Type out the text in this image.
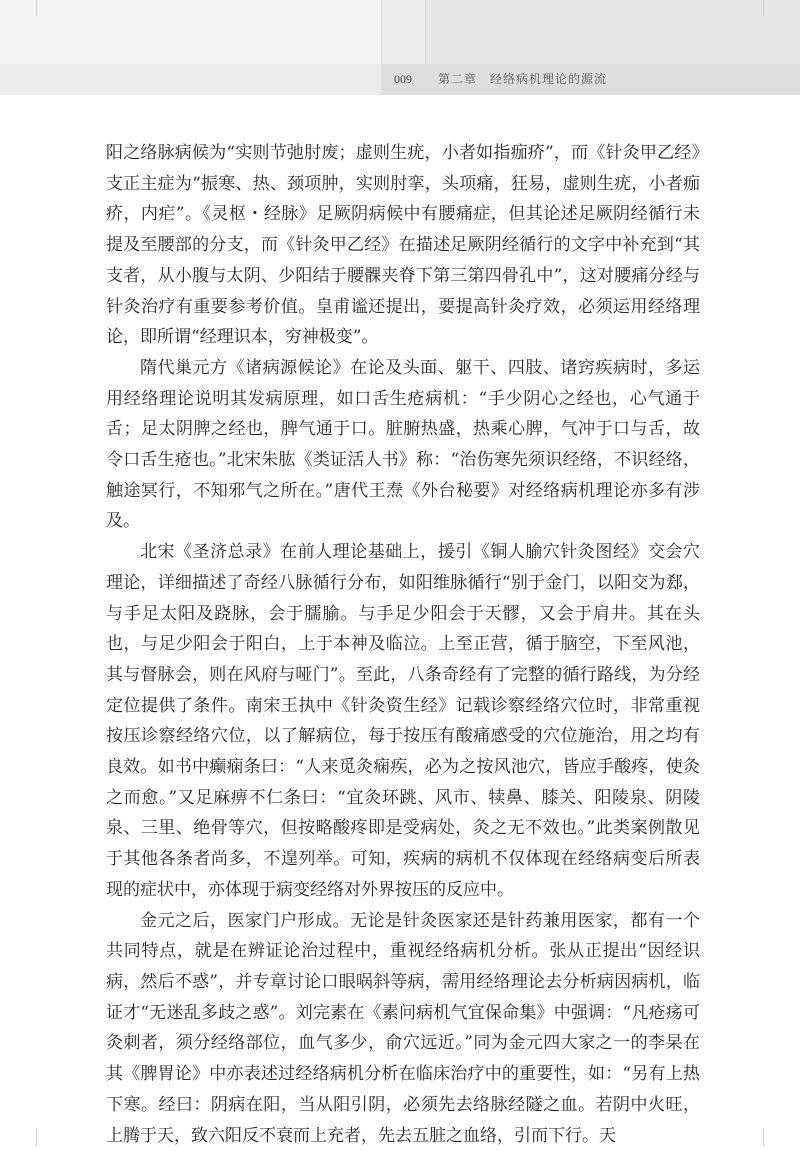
009	第二章　经络病机理论的源流

阳之络脉病候为“实则节弛肘废；虚则生疣，小者如指痂疥”，而《针灸甲乙经》支正主症为“振寒、热、颈项肿，实则肘挛，头项痛，狂易，虚则生疣，小者痂疥，内疟”。《灵枢・经脉》足厥阴病候中有腰痛症，但其论述足厥阴经循行未提及至腰部的分支，而《针灸甲乙经》在描述足厥阴经循行的文字中补充到“其支者，从小腹与太阴、少阳结于腰髁夹脊下第三第四骨孔中”，这对腰痛分经与针灸治疗有重要参考价值。皇甫谧还提出，要提高针灸疗效，必须运用经络理论，即所谓“经理识本，穷神极变”。

隋代巢元方《诸病源候论》在论及头面、躯干、四肢、诸窍疾病时，多运用经络理论说明其发病原理，如口舌生疮病机：“手少阴心之经也，心气通于舌；足太阴脾之经也，脾气通于口。脏腑热盛，热乘心脾，气冲于口与舌，故令口舌生疮也。”北宋朱肱《类证活人书》称：“治伤寒先须识经络，不识经络，触途冥行，不知邪气之所在。”唐代王焘《外台秘要》对经络病机理论亦多有涉及。

北宋《圣济总录》在前人理论基础上，援引《铜人腧穴针灸图经》交会穴理论，详细描述了奇经八脉循行分布，如阳维脉循行“别于金门，以阳交为郄，与手足太阳及跷脉，会于臑腧。与手足少阳会于天髎，又会于肩井。其在头也，与足少阳会于阳白，上于本神及临泣。上至正营，循于脑空，下至风池，其与督脉会，则在风府与哑门”。至此，八条奇经有了完整的循行路线，为分经定位提供了条件。南宋王执中《针灸资生经》记载诊察经络穴位时，非常重视按压诊察经络穴位，以了解病位，每于按压有酸痛感受的穴位施治，用之均有良效。如书中癫痫条曰：“人来觅灸痫疾，必为之按风池穴，皆应手酸疼，使灸之而愈。”又足麻痹不仁条曰：“宜灸环跳、风市、犊鼻、膝关、阳陵泉、阴陵泉、三里、绝骨等穴，但按略酸疼即是受病处，灸之无不效也。”此类案例散见于其他各条者尚多，不遑列举。可知，疾病的病机不仅体现在经络病变后所表现的症状中，亦体现于病变经络对外界按压的反应中。

金元之后，医家门户形成。无论是针灸医家还是针药兼用医家，都有一个共同特点，就是在辨证论治过程中，重视经络病机分析。张从正提出“因经识病，然后不惑”，并专章讨论口眼㖞斜等病，需用经络理论去分析病因病机，临证才“无迷乱多歧之惑”。刘完素在《素问病机气宜保命集》中强调：“凡疮疡可灸刺者，须分经络部位，血气多少，俞穴远近。”同为金元四大家之一的李杲在其《脾胃论》中亦表述过经络病机分析在临床治疗中的重要性，如：“另有上热下寒。经曰：阴病在阳，当从阳引阴，必须先去络脉经隧之血。若阴中火旺，上腾于天，致六阳反不衰而上充者，先去五脏之血络，引而下行。天
